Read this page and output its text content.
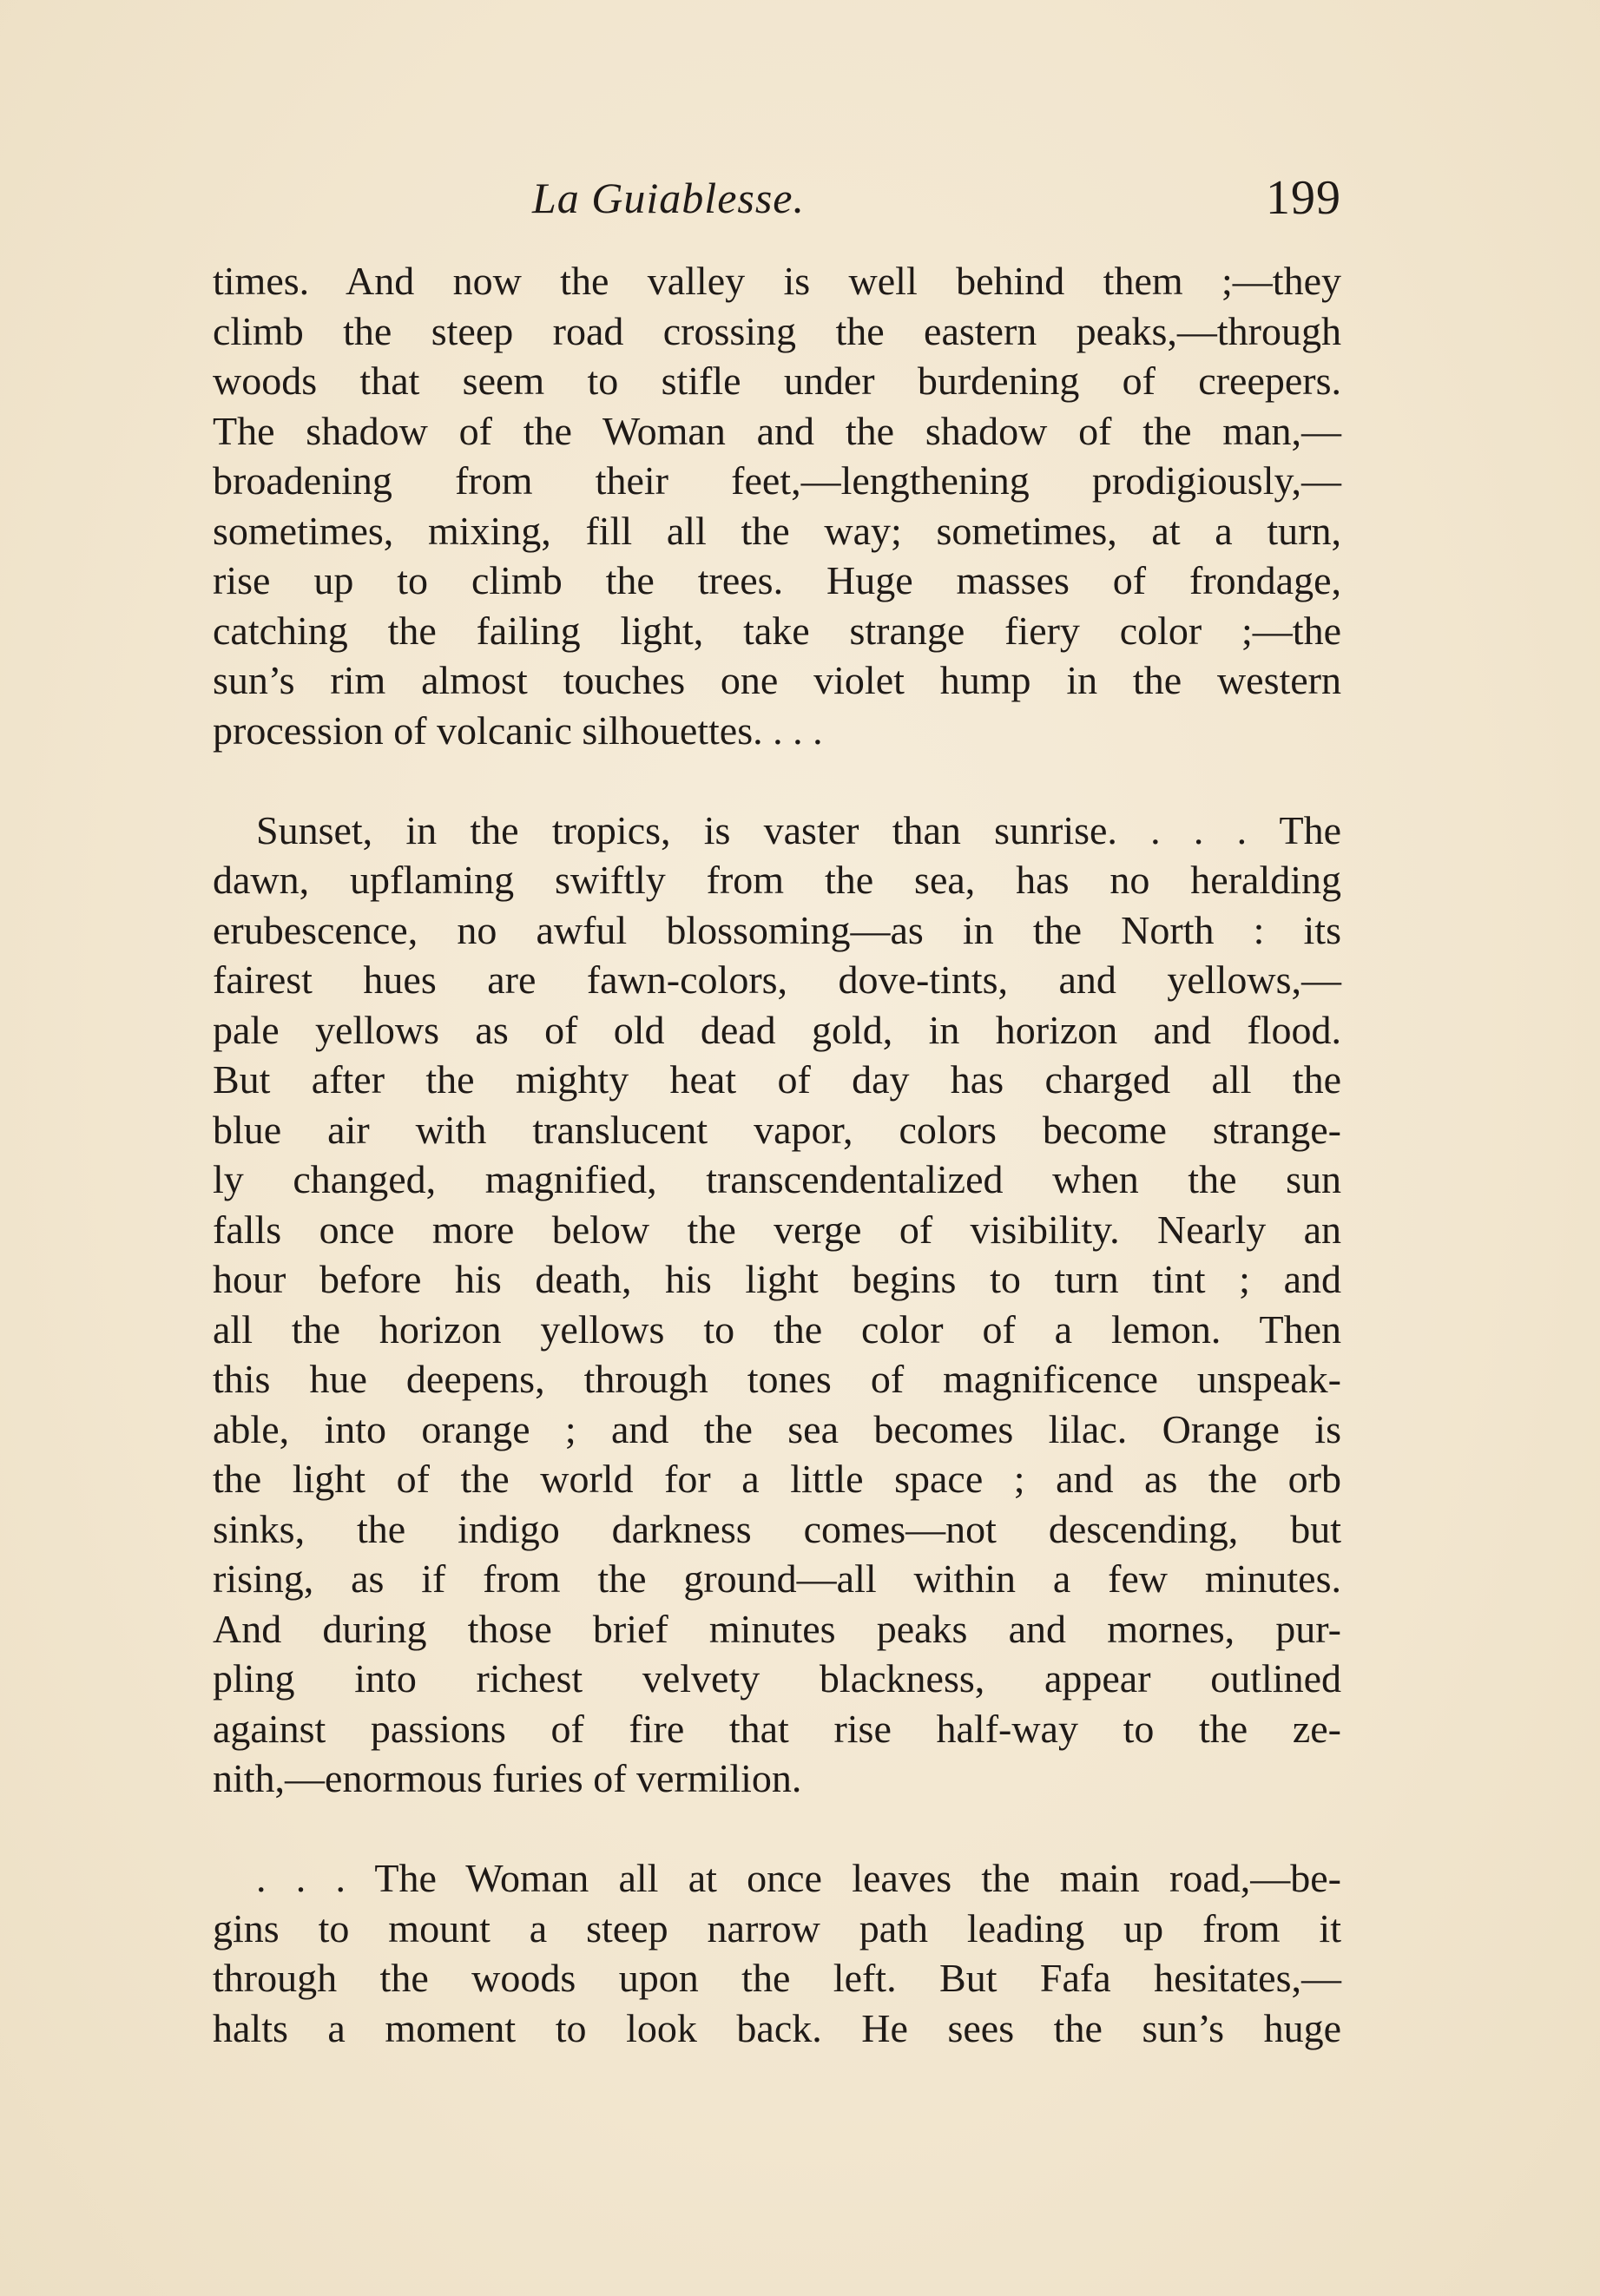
La Guiablesse.	199
times. And now the valley is well behind them ;—they
climb the steep road crossing the eastern peaks,—through
woods that seem to stifle under burdening of creepers.
The shadow of the Woman and the shadow of the man,—
broadening from their feet,—lengthening prodigiously,—
sometimes, mixing, fill all the way; sometimes, at a turn,
rise up to climb the trees. Huge masses of frondage,
catching the failing light, take strange fiery color ;—the
sun’s rim almost touches one violet hump in the western
procession of volcanic silhouettes. . . .
Sunset, in the tropics, is vaster than sunrise. . . . The
dawn, upflaming swiftly from the sea, has no heralding
erubescence, no awful blossoming—as in the North : its
fairest hues are fawn-colors, dove-tints, and yellows,—
pale yellows as of old dead gold, in horizon and flood.
But after the mighty heat of day has charged all the
blue air with translucent vapor, colors become strange-
ly changed, magnified, transcendentalized when the sun
falls once more below the verge of visibility. Nearly an
hour before his death, his light begins to turn tint ; and
all the horizon yellows to the color of a lemon. Then
this hue deepens, through tones of magnificence unspeak-
able, into orange ; and the sea becomes lilac. Orange is
the light of the world for a little space ; and as the orb
sinks, the indigo darkness comes—not descending, but
rising, as if from the ground—all within a few minutes.
And during those brief minutes peaks and mornes, pur-
pling into richest velvety blackness, appear outlined
against passions of fire that rise half-way to the ze-
nith,—enormous furies of vermilion.
. . . The Woman all at once leaves the main road,—be-
gins to mount a steep narrow path leading up from it
through the woods upon the left. But Fafa hesitates,—
halts a moment to look back. He sees the sun’s huge
